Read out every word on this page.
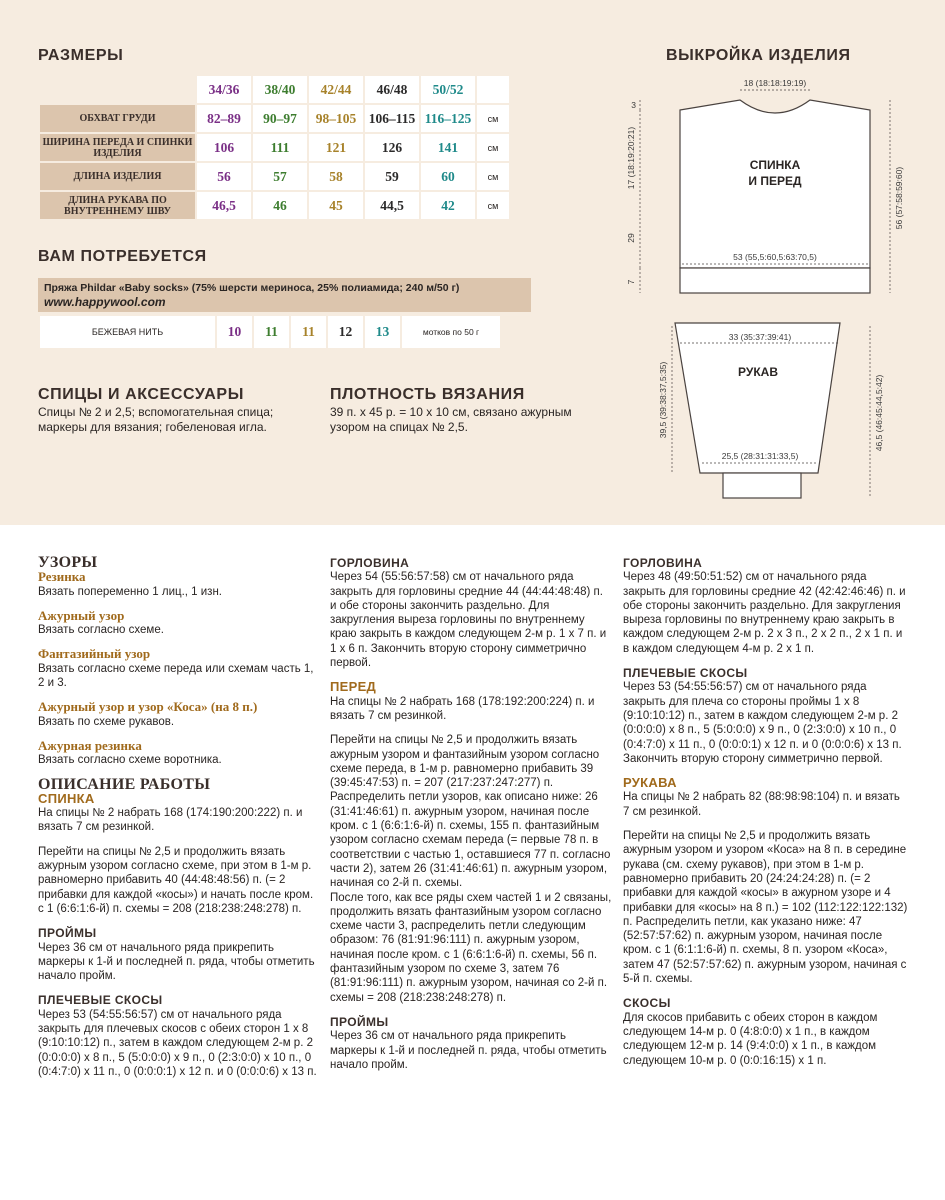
РАЗМЕРЫ
	34/36	38/40	42/44	46/48	50/52	
ОБХВАТ ГРУДИ	82–89	90–97	98–105	106–115	116–125	см
ШИРИНА ПЕРЕДА И СПИНКИ ИЗДЕЛИЯ	106	111	121	126	141	см
ДЛИНА ИЗДЕЛИЯ	56	57	58	59	60	см
ДЛИНА РУКАВА ПО ВНУТРЕННЕМУ ШВУ	46,5	46	45	44,5	42	см
ВАМ ПОТРЕБУЕТСЯ
Пряжа Phildar «Baby socks» (75% шерсти мериноса, 25% полиамида; 240 м/50 г)
www.happywool.com
БЕЖЕВАЯ НИТЬ	10	11	11	12	13	мотков по 50 г
СПИЦЫ И АКСЕССУАРЫ
Спицы № 2 и 2,5; вспомогательная спица; маркеры для вязания; гобеленовая игла.
ПЛОТНОСТЬ ВЯЗАНИЯ
39 п. x 45 р. = 10 x 10 см, связано ажурным узором на спицах № 2,5.
ВЫКРОЙКА ИЗДЕЛИЯ
18 (18:18:19:19)
3
17 (18:19:20:21)
29
7
56 (57:58:59:60)
53 (55,5:60,5:63:70,5)
33 (35:37:39:41)
39,5 (39:38:37,5:35)	46,5 (46:45:44,5:42)
25,5 (28:31:31:33,5)
СПИНКА
И ПЕРЕД
РУКАВ
УЗОРЫ
Резинка

Вязать попеременно 1 лиц., 1 изн.

Ажурный узор

Вязать согласно схеме.

Фантазийный узор

Вязать согласно схеме переда или схемам часть 1, 2 и 3.

Ажурный узор и узор «Коса» (на 8 п.)

Вязать по схеме рукавов.

Ажурная резинка

Вязать согласно схеме воротника.

ОПИСАНИЕ РАБОТЫ
СПИНКА

На спицы № 2 набрать 168 (174:190:200:222) п. и вязать 7 см резинкой.

Перейти на спицы № 2,5 и продолжить вязать ажурным узором согласно схеме, при этом в 1-м р. равномерно прибавить 40 (44:48:48:56) п. (= 2 прибавки для каждой «косы») и начать после кром. с 1 (6:6:1:6-й) п. схемы = 208 (218:238:248:278) п.

ПРОЙМЫ

Через 36 см от начального ряда прикрепить маркеры к 1-й и последней п. ряда, чтобы отметить начало пройм.

ПЛЕЧЕВЫЕ СКОСЫ

Через 53 (54:55:56:57) см от начального ряда закрыть для плечевых скосов с обеих сторон 1 x 8 (9:10:10:12) п., затем в каждом следующем 2-м р. 2 (0:0:0:0) x 8 п., 5 (5:0:0:0) x 9 п., 0 (2:3:0:0) x 10 п., 0 (0:4:7:0) x 11 п., 0 (0:0:0:1) x 12 п. и 0 (0:0:0:6) x 13 п.

ГОРЛОВИНА

Через 54 (55:56:57:58) см от начального ряда закрыть для горловины средние 44 (44:44:48:48) п. и обе стороны закончить раздельно. Для закругления выреза горловины по внутреннему краю закрыть в каждом следующем 2-м р. 1 x 7 п. и 1 x 6 п. Закончить вторую сторону симметрично первой.

ПЕРЕД

На спицы № 2 набрать 168 (178:192:200:224) п. и вязать 7 см резинкой.

Перейти на спицы № 2,5 и продолжить вязать ажурным узором и фантазийным узором согласно схеме переда, в 1-м р. равномерно прибавить 39 (39:45:47:53) п. = 207 (217:237:247:277) п.

Распределить петли узоров, как описано ниже: 26 (31:41:46:61) п. ажурным узором, начиная после кром. с 1 (6:6:1:6-й) п. схемы, 155 п. фантазийным узором согласно схемам переда (= первые 78 п. в соответствии с частью 1, оставшиеся 77 п. согласно части 2), затем 26 (31:41:46:61) п. ажурным узором, начиная со 2-й п. схемы.

После того, как все ряды схем частей 1 и 2 связаны, продолжить вязать фантазийным узором согласно схеме части 3, распределить петли следующим образом: 76 (81:91:96:111) п. ажурным узором, начиная после кром. с 1 (6:6:1:6-й) п. схемы, 56 п. фантазийным узором по схеме 3, затем 76 (81:91:96:111) п. ажурным узором, начиная со 2-й п. схемы = 208 (218:238:248:278) п.

ПРОЙМЫ

Через 36 см от начального ряда прикрепить маркеры к 1-й и последней п. ряда, чтобы отметить начало пройм.

ГОРЛОВИНА

Через 48 (49:50:51:52) см от начального ряда закрыть для горловины средние 42 (42:42:46:46) п. и обе стороны закончить раздельно. Для закругления выреза горловины по внутреннему краю закрыть в каждом следующем 2-м р. 2 x 3 п., 2 x 2 п., 2 x 1 п. и в каждом следующем 4-м р. 2 x 1 п.

ПЛЕЧЕВЫЕ СКОСЫ

Через 53 (54:55:56:57) см от начального ряда закрыть для плеча со стороны проймы 1 x 8 (9:10:10:12) п., затем в каждом следующем 2-м р. 2 (0:0:0:0) x 8 п., 5 (5:0:0:0) x 9 п., 0 (2:3:0:0) x 10 п., 0 (0:4:7:0) x 11 п., 0 (0:0:0:1) x 12 п. и 0 (0:0:0:6) x 13 п. Закончить вторую сторону симметрично первой.

РУКАВА

На спицы № 2 набрать 82 (88:98:98:104) п. и вязать 7 см резинкой.

Перейти на спицы № 2,5 и продолжить вязать ажурным узором и узором «Коса» на 8 п. в середине рукава (см. схему рукавов), при этом в 1-м р. равномерно прибавить 20 (24:24:24:28) п. (= 2 прибавки для каждой «косы» в ажурном узоре и 4 прибавки для «косы» на 8 п.) = 102 (112:122:122:132) п. Распределить петли, как указано ниже: 47 (52:57:57:62) п. ажурным узором, начиная после кром. с 1 (6:1:1:6-й) п. схемы, 8 п. узором «Коса», затем 47 (52:57:57:62) п. ажурным узором, начиная с 5-й п. схемы.

СКОСЫ

Для скосов прибавить с обеих сторон в каждом следующем 14-м р. 0 (4:8:0:0) x 1 п., в каждом следующем 12-м р. 14 (9:4:0:0) x 1 п., в каждом следующем 10-м р. 0 (0:0:16:15) x 1 п.
